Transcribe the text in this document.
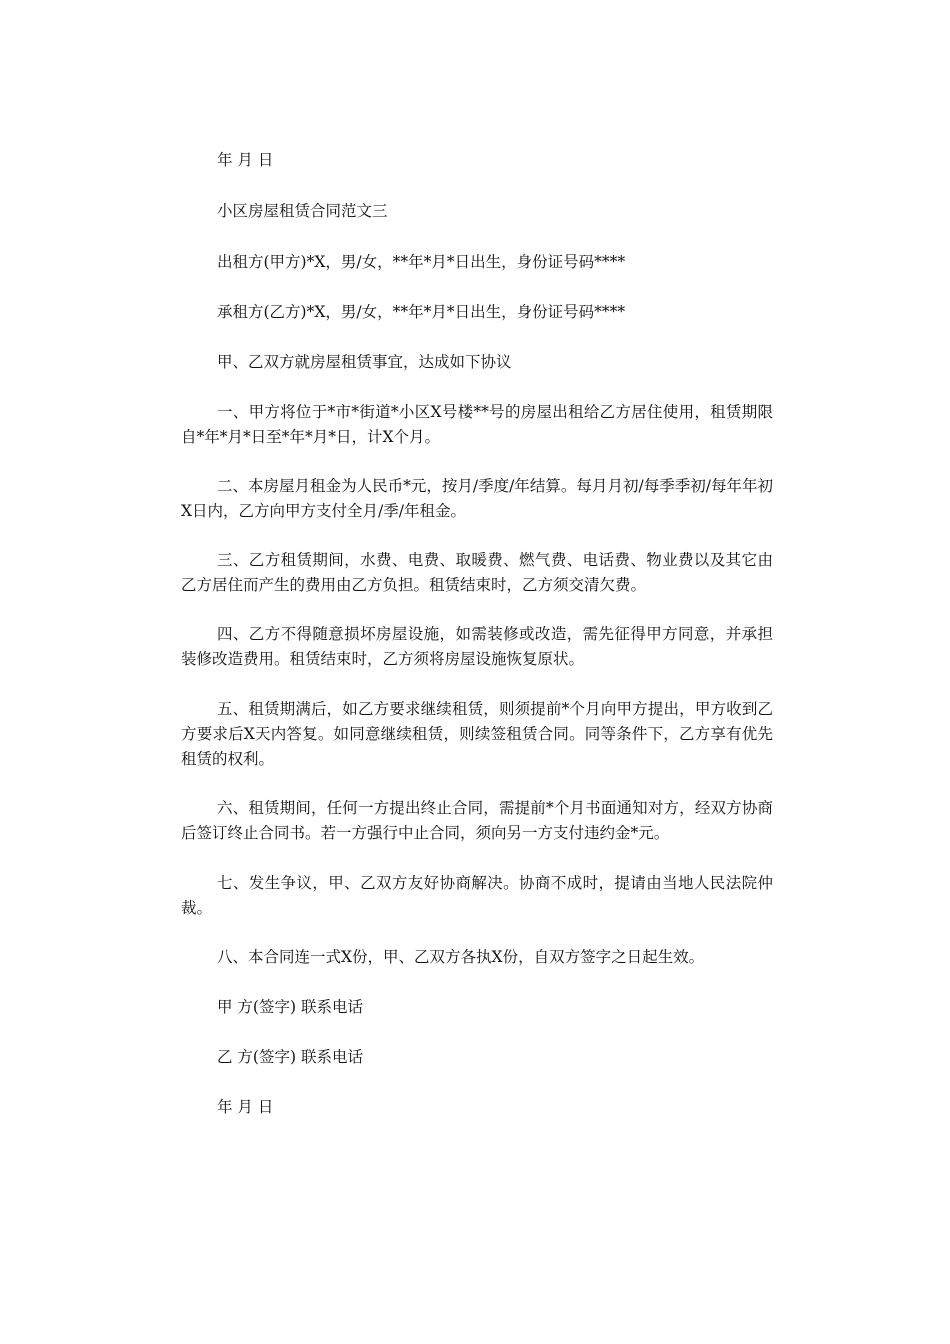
年 月 日

小区房屋租赁合同范文三

出租方(甲方)*X，男/女，**年*月*日出生，身份证号码****

承租方(乙方)*X，男/女，**年*月*日出生，身份证号码****

甲、乙双方就房屋租赁事宜，达成如下协议

一、甲方将位于*市*街道*小区X号楼**号的房屋出租给乙方居住使用，租赁期限自*年*月*日至*年*月*日，计X个月。

二、本房屋月租金为人民币*元，按月/季度/年结算。每月月初/每季季初/每年年初X日内，乙方向甲方支付全月/季/年租金。

三、乙方租赁期间，水费、电费、取暖费、燃气费、电话费、物业费以及其它由乙方居住而产生的费用由乙方负担。租赁结束时，乙方须交清欠费。

四、乙方不得随意损坏房屋设施，如需装修或改造，需先征得甲方同意，并承担装修改造费用。租赁结束时，乙方须将房屋设施恢复原状。

五、租赁期满后，如乙方要求继续租赁，则须提前*个月向甲方提出，甲方收到乙方要求后X天内答复。如同意继续租赁，则续签租赁合同。同等条件下，乙方享有优先租赁的权利。

六、租赁期间，任何一方提出终止合同，需提前*个月书面通知对方，经双方协商后签订终止合同书。若一方强行中止合同，须向另一方支付违约金*元。

七、发生争议，甲、乙双方友好协商解决。协商不成时，提请由当地人民法院仲裁。

八、本合同连一式X份，甲、乙双方各执X份，自双方签字之日起生效。

甲 方(签字) 联系电话

乙 方(签字) 联系电话

年 月 日
